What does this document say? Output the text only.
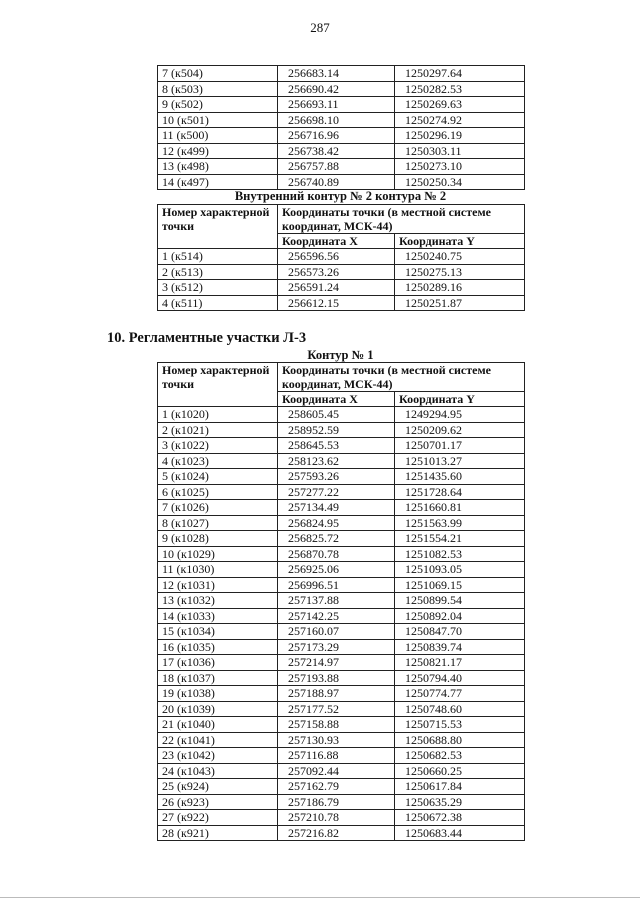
287
7 (к504)	256683.14	1250297.64
8 (к503)	256690.42	1250282.53
9 (к502)	256693.11	1250269.63
10 (к501)	256698.10	1250274.92
11 (к500)	256716.96	1250296.19
12 (к499)	256738.42	1250303.11
13 (к498)	256757.88	1250273.10
14 (к497)	256740.89	1250250.34
Внутренний контур № 2 контура № 2
Номер характерной точки	Координаты точки (в местной системе координат, МСК-44)	
	Координата X	Координата Y
1 (к514)	256596.56	1250240.75
2 (к513)	256573.26	1250275.13
3 (к512)	256591.24	1250289.16
4 (к511)	256612.15	1250251.87
10. Регламентные участки Л-3
Контур № 1
Номер характерной точки	Координаты точки (в местной системе координат, МСК-44)	
	Координата X	Координата Y
1 (к1020)	258605.45	1249294.95
2 (к1021)	258952.59	1250209.62
3 (к1022)	258645.53	1250701.17
4 (к1023)	258123.62	1251013.27
5 (к1024)	257593.26	1251435.60
6 (к1025)	257277.22	1251728.64
7 (к1026)	257134.49	1251660.81
8 (к1027)	256824.95	1251563.99
9 (к1028)	256825.72	1251554.21
10 (к1029)	256870.78	1251082.53
11 (к1030)	256925.06	1251093.05
12 (к1031)	256996.51	1251069.15
13 (к1032)	257137.88	1250899.54
14 (к1033)	257142.25	1250892.04
15 (к1034)	257160.07	1250847.70
16 (к1035)	257173.29	1250839.74
17 (к1036)	257214.97	1250821.17
18 (к1037)	257193.88	1250794.40
19 (к1038)	257188.97	1250774.77
20 (к1039)	257177.52	1250748.60
21 (к1040)	257158.88	1250715.53
22 (к1041)	257130.93	1250688.80
23 (к1042)	257116.88	1250682.53
24 (к1043)	257092.44	1250660.25
25 (к924)	257162.79	1250617.84
26 (к923)	257186.79	1250635.29
27 (к922)	257210.78	1250672.38
28 (к921)	257216.82	1250683.44
